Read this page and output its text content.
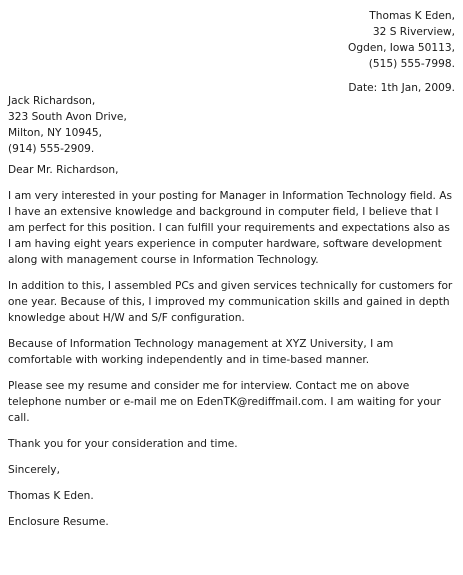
Thomas K Eden,
32 S Riverview,
Ogden, Iowa 50113,
(515) 555-7998.
Date: 1th Jan, 2009.
Jack Richardson,
323 South Avon Drive,
Milton, NY 10945,
(914) 555-2909.

Dear Mr. Richardson,

I am very interested in your posting for Manager in Information Technology field. As I have an extensive knowledge and background in computer field, I believe that I am perfect for this position. I can fulfill your requirements and expectations also as I am having eight years experience in computer hardware, software development along with management course in Information Technology.

In addition to this, I assembled PCs and given services technically for customers for one year. Because of this, I improved my communication skills and gained in depth knowledge about H/W and S/F configuration.

Because of Information Technology management at XYZ University, I am comfortable with working independently and in time-based manner.

Please see my resume and consider me for interview. Contact me on above telephone number or e-mail me on EdenTK@rediffmail.com. I am waiting for your call.

Thank you for your consideration and time.

Sincerely,

Thomas K Eden.

Enclosure Resume.
